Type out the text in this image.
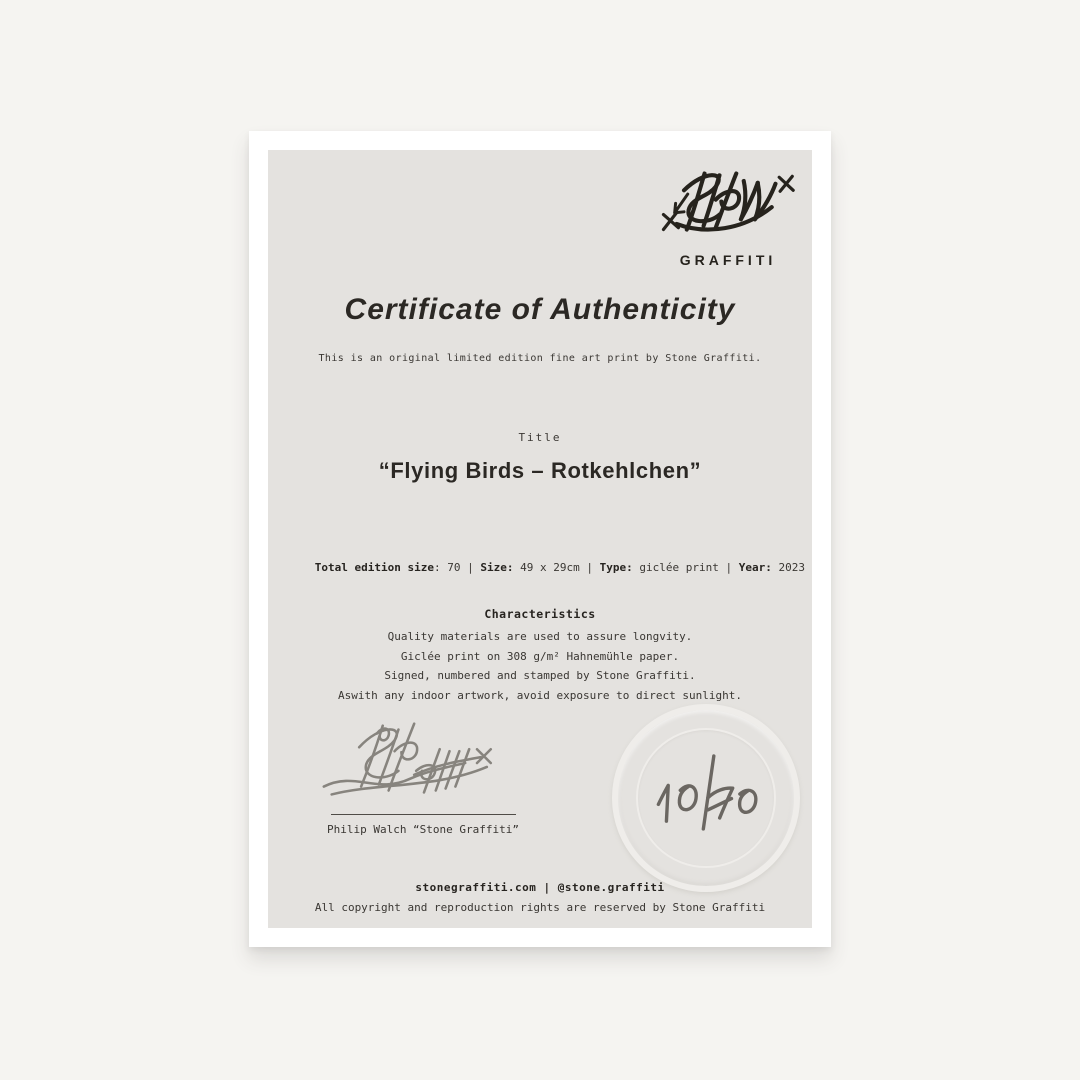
GRAFFITI
Certificate of Authenticity
This is an original limited edition fine art print by Stone Graffiti.
Title
“Flying Birds – Rotkehlchen”

Total edition size: 70 | Size: 49 x 29cm | Type: giclée print | Year: 2023

Characteristics
Quality materials are used to assure longvity.
Giclée print on 308 g/m² Hahnemühle paper.
Signed, numbered and stamped by Stone Graffiti.
Aswith any indoor artwork, avoid exposure to direct sunlight.
Philip Walch “Stone Graffiti”
stonegraffiti.com | @stone.graffiti
All copyright and reproduction rights are reserved by Stone Graffiti
